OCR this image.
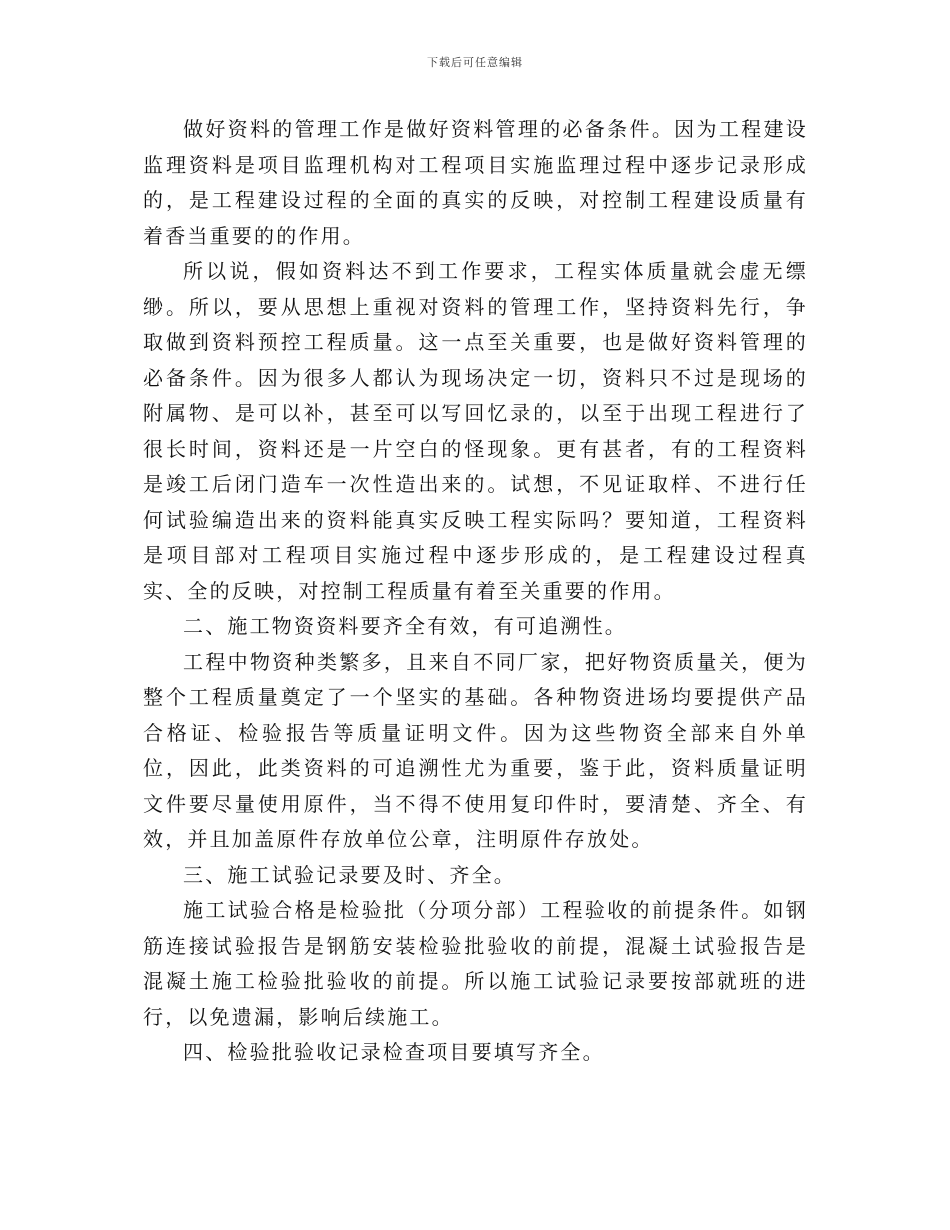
下载后可任意编辑

做好资料的管理工作是做好资料管理的必备条件。因为工程建设监理资料是项目监理机构对工程项目实施监理过程中逐步记录形成的，是工程建设过程的全面的真实的反映，对控制工程建设质量有着香当重要的的作用。

所以说，假如资料达不到工作要求，工程实体质量就会虚无缥缈。所以，要从思想上重视对资料的管理工作，坚持资料先行，争取做到资料预控工程质量。这一点至关重要，也是做好资料管理的必备条件。因为很多人都认为现场决定一切，资料只不过是现场的附属物、是可以补，甚至可以写回忆录的，以至于出现工程进行了很长时间，资料还是一片空白的怪现象。更有甚者，有的工程资料是竣工后闭门造车一次性造出来的。试想，不见证取样、不进行任何试验编造出来的资料能真实反映工程实际吗？要知道，工程资料是项目部对工程项目实施过程中逐步形成的，是工程建设过程真实、全的反映，对控制工程质量有着至关重要的作用。

二、施工物资资料要齐全有效，有可追溯性。

工程中物资种类繁多，且来自不同厂家，把好物资质量关，便为整个工程质量奠定了一个坚实的基础。各种物资进场均要提供产品合格证、检验报告等质量证明文件。因为这些物资全部来自外单位，因此，此类资料的可追溯性尤为重要，鉴于此，资料质量证明文件要尽量使用原件，当不得不使用复印件时，要清楚、齐全、有效，并且加盖原件存放单位公章，注明原件存放处。

三、施工试验记录要及时、齐全。

施工试验合格是检验批（分项分部）工程验收的前提条件。如钢筋连接试验报告是钢筋安装检验批验收的前提，混凝土试验报告是混凝土施工检验批验收的前提。所以施工试验记录要按部就班的进行，以免遗漏，影响后续施工。

四、检验批验收记录检查项目要填写齐全。
